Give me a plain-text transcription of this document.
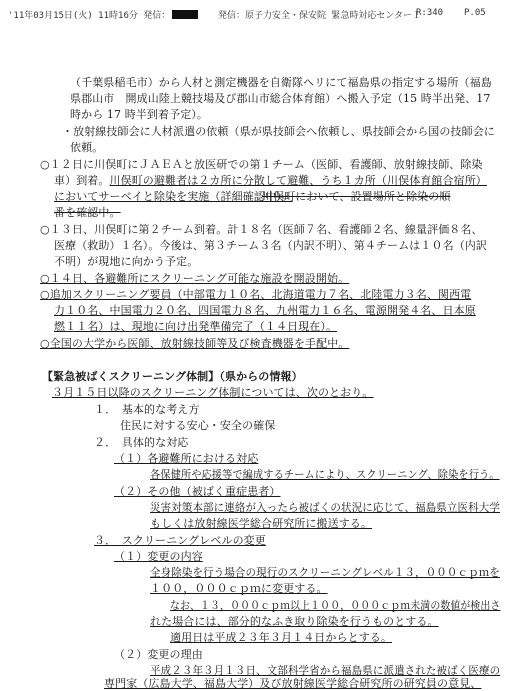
'11年03月15日(火) 11時16分 発信：	発信：原子力安全・保安院 緊急時対応センター１
R:340 P.05
（千葉県稲毛市）から人材と測定機器を自衛隊ヘリにて福島県の指定する場所（福島
県郡山市　開成山陸上競技場及び郡山市総合体育館）へ搬入予定（15 時半出発、17
時から 17 時半到着予定）。
・放射線技師会に人材派遣の依頼（県が県技師会へ依頼し、県技師会から国の技師会に
依頼。
○１２日に川俣町にＪＡＥＡと放医研での第１チーム（医師、看護師、放射線技師、除染
車）到着。川俣町の避難者は２カ所に分散して避難、うち１カ所（川俣体育館合宿所）
においてサーベイと除染を実施（詳細確認中）。
川俣町において、設置場所と除染の順
番を確認中。
○１３日、川俣町に第２チーム到着。計１８名（医師７名、看護師２名、線量評価８名、
医療（救助）１名）。今後は、第３チーム３名（内訳不明）、第４チームは１０名（内訳
不明）が現地に向かう予定。
○１４日、各避難所にスクリーニング可能な施設を開設開始。
○追加スクリーニング要員（中部電力１０名、北海道電力７名、北陸電力３名、関西電
力１０名、中国電力２０名、四国電力８名、九州電力１６名、電源開発４名、日本原
燃１１名）は、現地に向け出発準備完了（１４日現在）。
○全国の大学から医師、放射線技師等及び検査機器を手配中。
【緊急被ばくスクリーニング体制】（県からの情報）
３月１５日以降のスクリーニング体制については、次のとおり。
１．　基本的な考え方
住民に対する安心・安全の確保
２．　具体的な対応
（１）各避難所における対応
各保健所や応援等で編成するチームにより、スクリーニング、除染を行う。
（２）その他（被ばく重症患者）
災害対策本部に連絡が入ったら被ばくの状況に応じて、福島県立医科大学
もしくは放射線医学総合研究所に搬送する。
３．　スクリーニングレベルの変更
（１）変更の内容
全身除染を行う場合の現行のスクリーニングレベル１３，０００ｃｐｍを
１００，０００ｃｐｍに変更する。
なお、１３，０００ｃｐｍ以上１００，０００ｃｐｍ未満の数値が検出さ
れた場合には、部分的なふき取り除染を行うものとする。
適用日は平成２３年３月１４日からとする。
（２）変更の理由
平成２３年３月１３日、文部科学省から福島県に派遣された被ばく医療の
専門家（広島大学、福島大学）及び放射線医学総合研究所の研究員の意見、
